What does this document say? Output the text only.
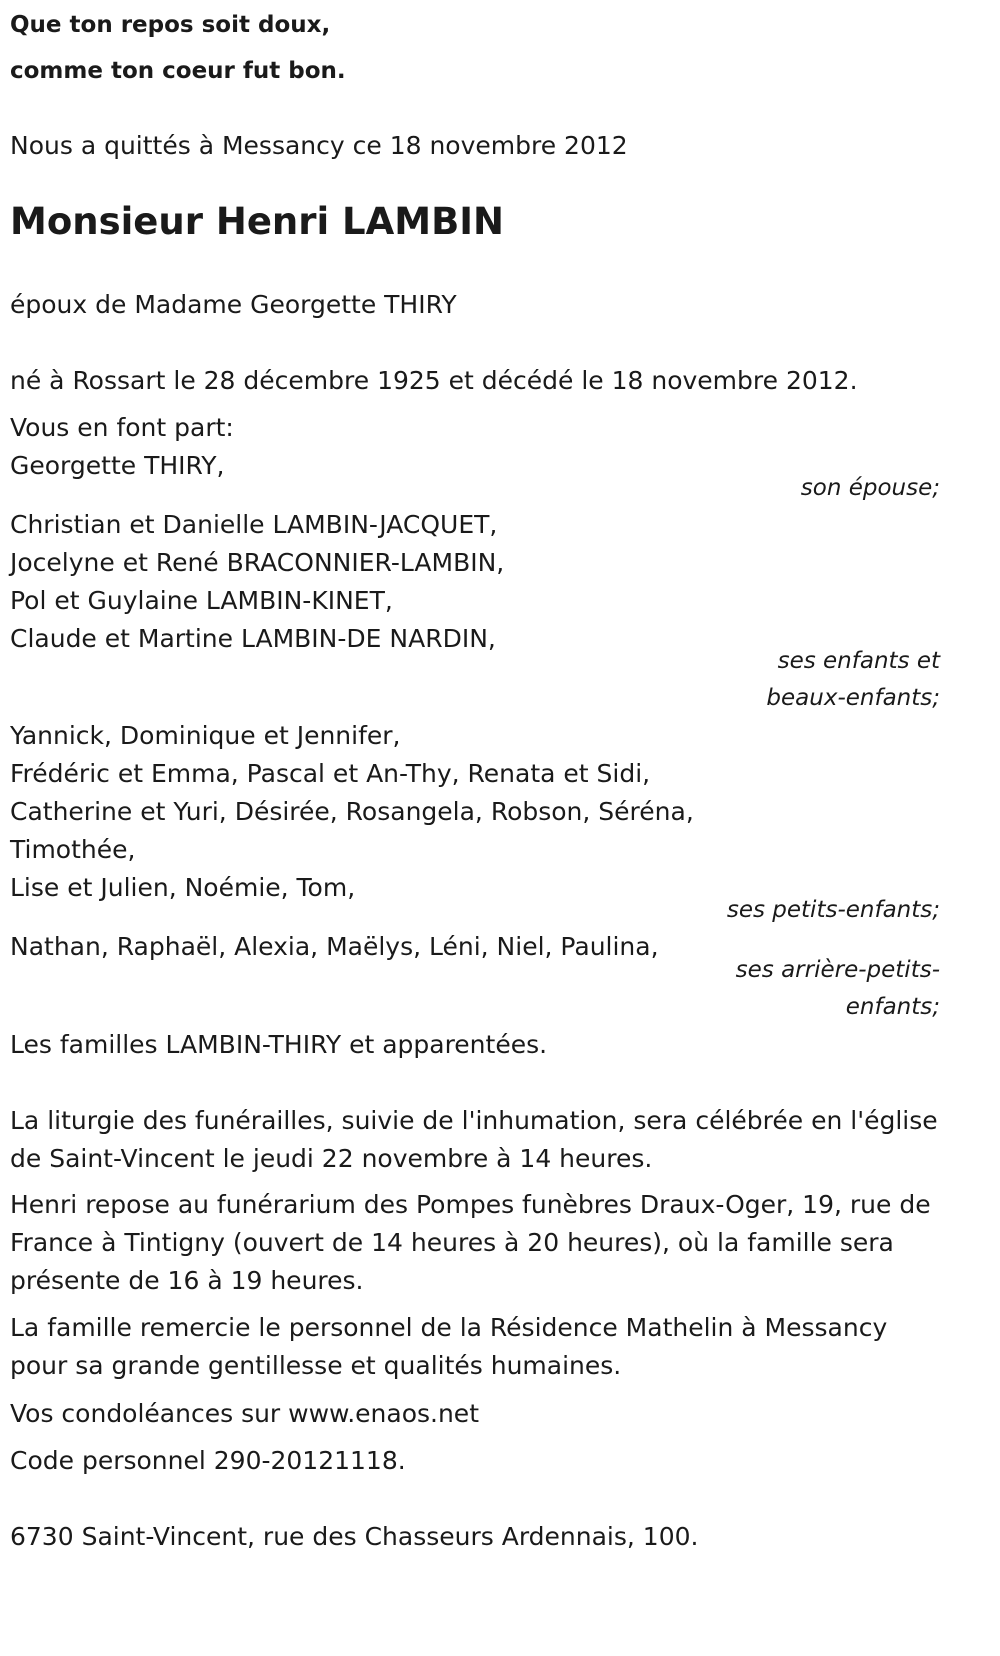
Que ton repos soit doux,

comme ton coeur fut bon.

Nous a quittés à Messancy ce 18 novembre 2012

Monsieur Henri LAMBIN

époux de Madame Georgette THIRY

né à Rossart le 28 décembre 1925 et décédé le 18 novembre 2012.

Vous en font part:

Georgette THIRY,

son épouse;

Christian et Danielle LAMBIN-JACQUET,

Jocelyne et René BRACONNIER-LAMBIN,

Pol et Guylaine LAMBIN-KINET,

Claude et Martine LAMBIN-DE NARDIN,

ses enfants et
beaux-enfants;

Yannick, Dominique et Jennifer,

Frédéric et Emma, Pascal et An-Thy, Renata et Sidi,

Catherine et Yuri, Désirée, Rosangela, Robson, Séréna,

Timothée,

Lise et Julien, Noémie, Tom,

ses petits-enfants;

Nathan, Raphaël, Alexia, Maëlys, Léni, Niel, Paulina,

ses arrière-petits-
enfants;

Les familles LAMBIN-THIRY et apparentées.

La liturgie des funérailles, suivie de l'inhumation, sera célébrée en l'église

de Saint-Vincent le jeudi 22 novembre à 14 heures.

Henri repose au funérarium des Pompes funèbres Draux-Oger, 19, rue de

France à Tintigny (ouvert de 14 heures à 20 heures), où la famille sera

présente de 16 à 19 heures.

La famille remercie le personnel de la Résidence Mathelin à Messancy

pour sa grande gentillesse et qualités humaines.

Vos condoléances sur www.enaos.net

Code personnel 290-20121118.

6730 Saint-Vincent, rue des Chasseurs Ardennais, 100.
